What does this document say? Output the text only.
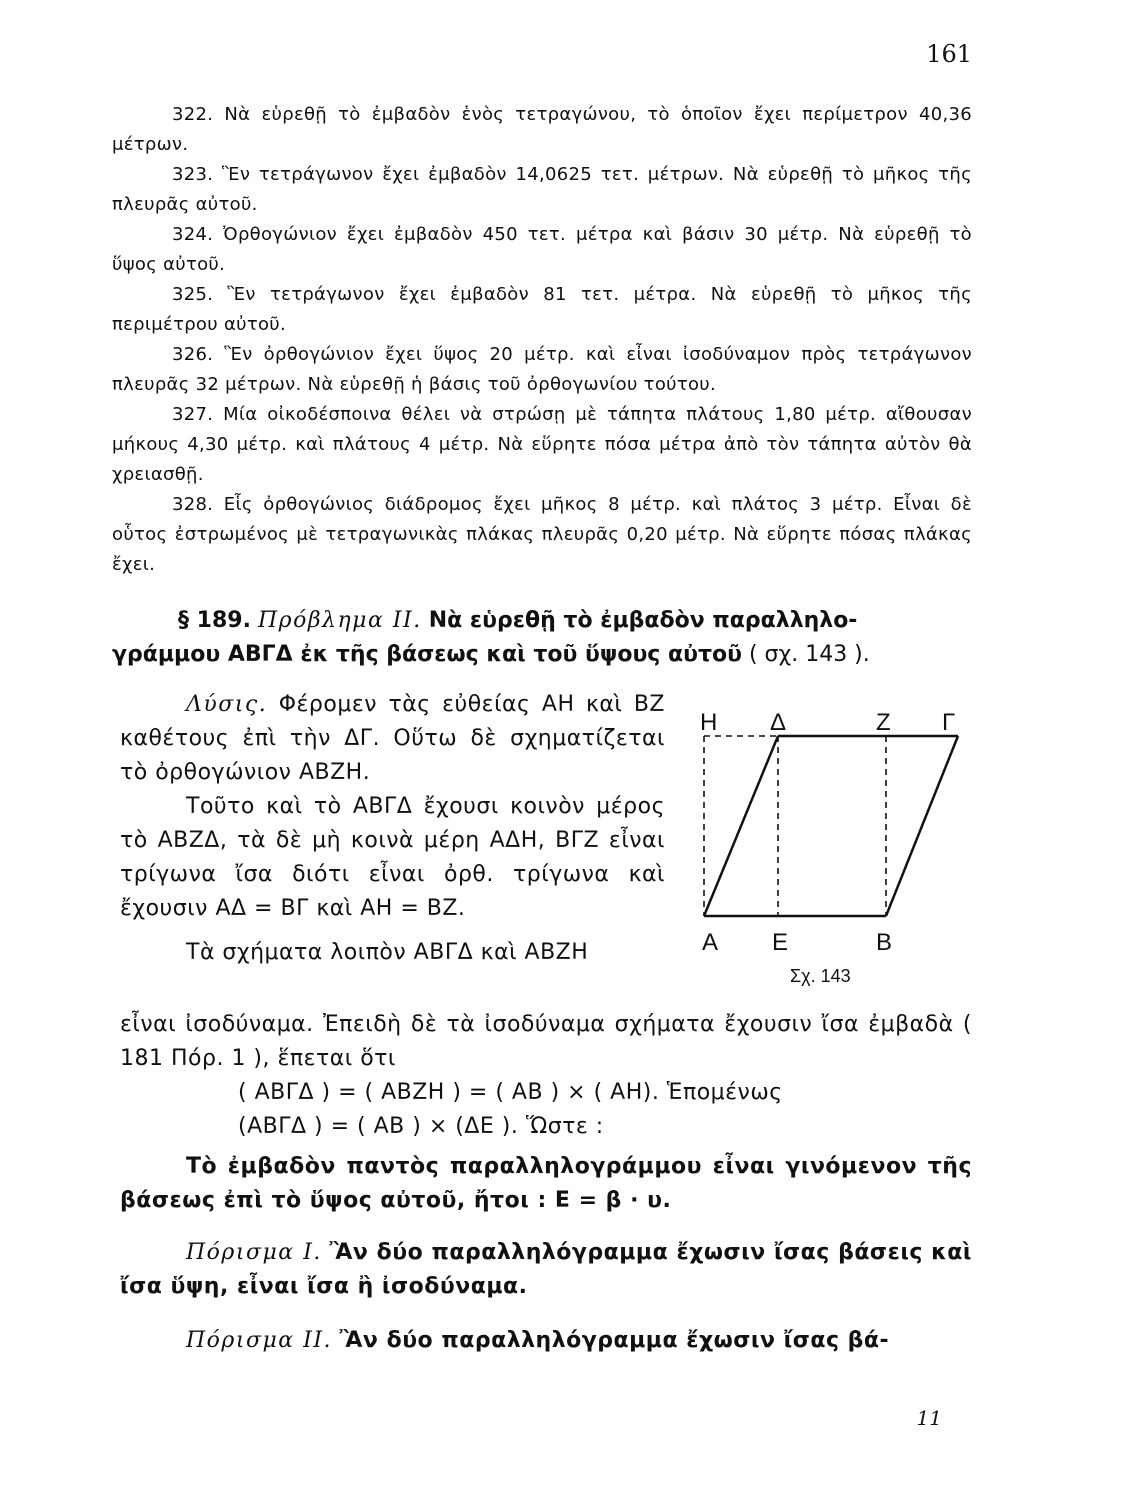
161

322. Νὰ εὑρεθῇ τὸ ἐμβαδὸν ἑνὸς τετραγώνου, τὸ ὁποῖον ἔχει περίμετρον 40,36 μέτρων.

323. Ἓν τετράγωνον ἔχει ἐμβαδὸν 14,0625 τετ. μέτρων. Νὰ εὑρεθῇ τὸ μῆκος τῆς πλευρᾶς αὐτοῦ.

324. Ὀρθογώνιον ἔχει ἐμβαδὸν 450 τετ. μέτρα καὶ βάσιν 30 μέτρ. Νὰ εὑρεθῇ τὸ ὕψος αὐτοῦ.

325. Ἓν τετράγωνον ἔχει ἐμβαδὸν 81 τετ. μέτρα. Νὰ εὑρεθῇ τὸ μῆκος τῆς περιμέτρου αὐτοῦ.

326. Ἓν ὀρθογώνιον ἔχει ὕψος 20 μέτρ. καὶ εἶναι ἰσοδύναμον πρὸς τετράγωνον πλευρᾶς 32 μέτρων. Νὰ εὑρεθῇ ἡ βάσις τοῦ ὀρθογωνίου τούτου.

327. Μία οἰκοδέσποινα θέλει νὰ στρώσῃ μὲ τάπητα πλάτους 1,80 μέτρ. αἴθουσαν μήκους 4,30 μέτρ. καὶ πλάτους 4 μέτρ. Νὰ εὕρητε πόσα μέτρα ἀπὸ τὸν τάπητα αὐτὸν θὰ χρειασθῇ.

328. Εἷς ὀρθογώνιος διάδρομος ἔχει μῆκος 8 μέτρ. καὶ πλάτος 3 μέτρ. Εἶναι δὲ οὗτος ἐστρωμένος μὲ τετραγωνικὰς πλάκας πλευρᾶς 0,20 μέτρ. Νὰ εὕρητε πόσας πλάκας ἔχει.

§ 189. Πρόβλημα II. Νὰ εὑρεθῇ τὸ ἐμβαδὸν παραλληλο-
γράμμου ΑΒΓΔ ἐκ τῆς βάσεως καὶ τοῦ ὕψους αὐτοῦ ( σχ. 143 ).

Λύσις. Φέρομεν τὰς εὐθείας ΑΗ καὶ ΒΖ καθέτους ἐπὶ τὴν ΔΓ. Οὕτω δὲ σχηματίζεται τὸ ὀρθογώνιον ΑΒΖΗ.

Τοῦτο καὶ τὸ ΑΒΓΔ ἔχουσι κοινὸν μέρος τὸ ΑΒΖΔ, τὰ δὲ μὴ κοινὰ μέρη ΑΔΗ, ΒΓΖ εἶναι τρίγωνα ἴσα διότι εἶναι ὀρθ. τρίγωνα καὶ ἔχουσιν ΑΔ = ΒΓ καὶ ΑΗ = ΒΖ.

Τὰ σχήματα λοιπὸν ΑΒΓΔ καὶ ΑΒΖΗ

Η Δ	Ζ Γ
Α Ε	Β
Σχ. 143

εἶναι ἰσοδύναμα. Ἐπειδὴ δὲ τὰ ἰσοδύναμα σχήματα ἔχουσιν ἴσα ἐμβαδὰ ( 181 Πόρ. 1 ), ἕπεται ὅτι

( ΑΒΓΔ ) = ( ΑΒΖΗ ) = ( ΑΒ ) × ( ΑΗ). Ἑπομένως

(ΑΒΓΔ ) = ( ΑΒ ) × (ΔΕ ). Ὥστε :

Τὸ ἐμβαδὸν παντὸς παραλληλογράμμου εἶναι γινόμενον τῆς βάσεως ἐπὶ τὸ ὕψος αὐτοῦ, ἤτοι : Ε = β · υ.

Πόρισμα I. Ἂν δύο παραλληλόγραμμα ἔχωσιν ἴσας βάσεις καὶ ἴσα ὕψη, εἶναι ἴσα ἢ ἰσοδύναμα.

Πόρισμα II. Ἂν δύο παραλληλόγραμμα ἔχωσιν ἴσας βά-

11
